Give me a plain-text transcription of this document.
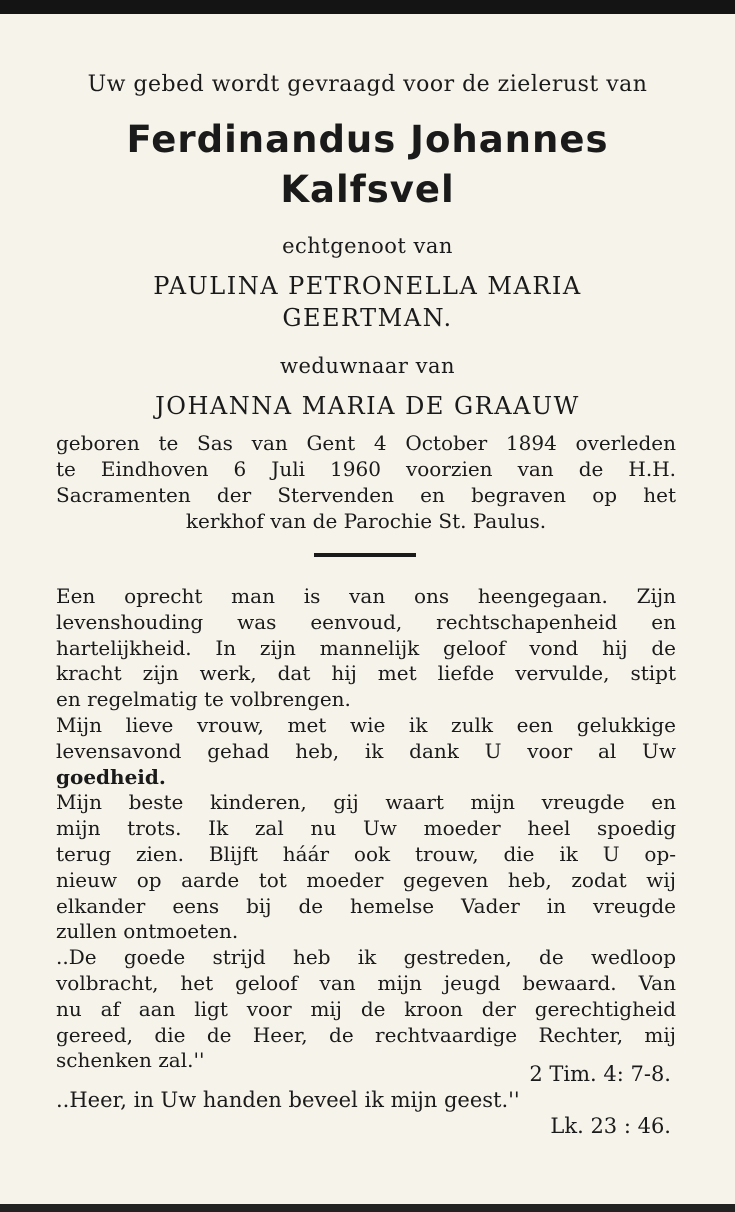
Uw gebed wordt gevraagd voor de zielerust van
Ferdinandus Johannes
Kalfsvel
echtgenoot van
PAULINA PETRONELLA MARIA
GEERTMAN.
weduwnaar van
JOHANNA MARIA DE GRAAUW
geboren te Sas van Gent 4 October 1894 overleden
te Eindhoven 6 Juli 1960 voorzien van de H.H.
Sacramenten der Stervenden en begraven op het
kerkhof van de Parochie St. Paulus.
Een oprecht man is van ons heengegaan. Zijn
levenshouding was eenvoud, rechtschapenheid en
hartelijkheid. In zijn mannelijk geloof vond hij de
kracht zijn werk, dat hij met liefde vervulde, stipt
en regelmatig te volbrengen.
Mijn lieve vrouw, met wie ik zulk een gelukkige
levensavond gehad heb, ik dank U voor al Uw
goedheid.
Mijn beste kinderen, gij waart mijn vreugde en
mijn trots. Ik zal nu Uw moeder heel spoedig
terug zien. Blijft háár ook trouw, die ik U op-
nieuw op aarde tot moeder gegeven heb, zodat wij
elkander eens bij de hemelse Vader in vreugde
zullen ontmoeten.
..De goede strijd heb ik gestreden, de wedloop
volbracht, het geloof van mijn jeugd bewaard. Van
nu af aan ligt voor mij de kroon der gerechtigheid
gereed, die de Heer, de rechtvaardige Rechter, mij
schenken zal.''
2 Tim. 4: 7-8.
..Heer, in Uw handen beveel ik mijn geest.''
Lk. 23 : 46.
